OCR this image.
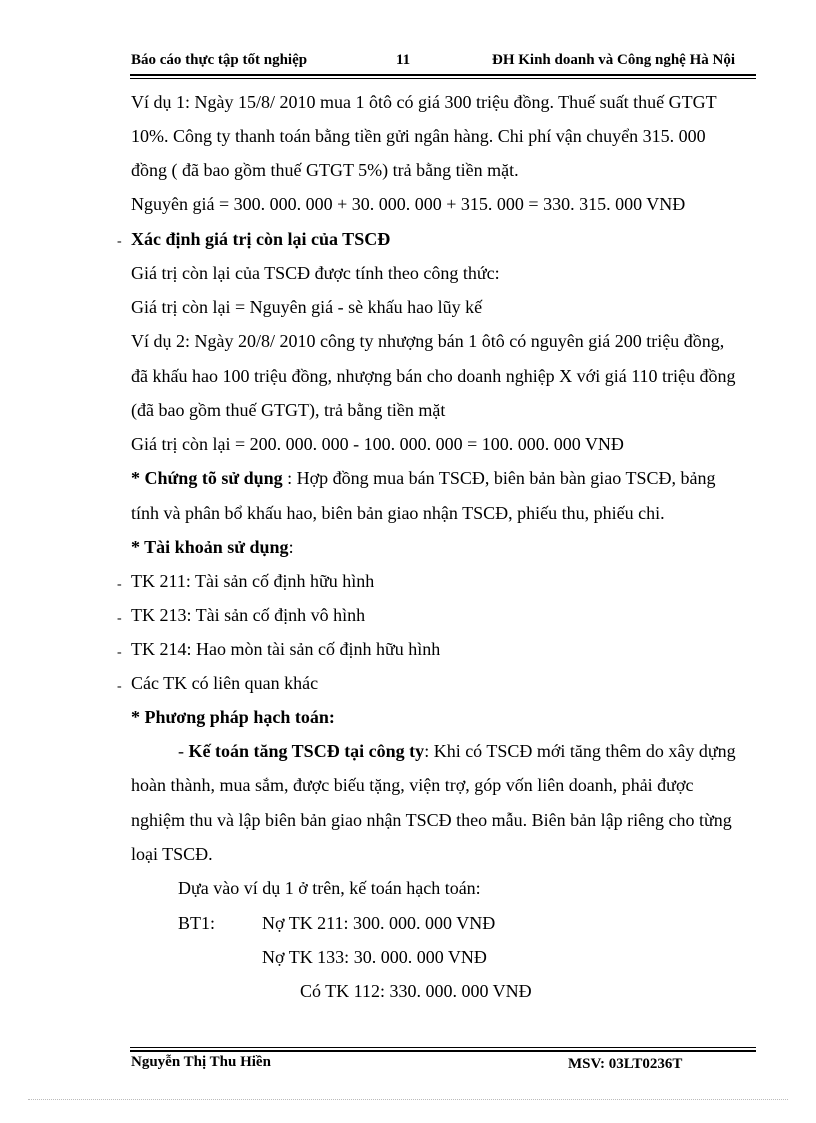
Báo cáo thực tập tốt nghiệp	11	ĐH Kinh doanh và Công nghệ Hà Nội
Ví dụ 1: Ngày 15/8/ 2010 mua 1 ôtô có giá 300 triệu đồng. Thuế suất thuế GTGT
10%. Công ty thanh toán bằng tiền gửi ngân hàng. Chi phí vận chuyển 315. 000
đồng ( đã bao gồm thuế GTGT 5%) trả bằng tiền mặt.
Nguyên giá = 300. 000. 000 + 30. 000. 000 + 315. 000 = 330. 315. 000 VNĐ
- Xác định giá trị còn lại của TSCĐ
Giá trị còn lại của TSCĐ được tính theo công thức:
Giá trị còn lại = Nguyên giá - sè khấu hao lũy kế
Ví dụ 2: Ngày 20/8/ 2010 công ty nhượng bán 1 ôtô có nguyên giá 200 triệu đồng,
đã khấu hao 100 triệu đồng, nhượng bán cho doanh nghiệp X với giá 110 triệu đồng
(đã bao gồm thuế GTGT), trả bằng tiền mặt
Giá trị còn lại = 200. 000. 000 - 100. 000. 000 = 100. 000. 000 VNĐ
* Chứng tõ sử dụng : Hợp đồng mua bán TSCĐ, biên bản bàn giao TSCĐ, bảng
tính và phân bổ khấu hao, biên bản giao nhận TSCĐ, phiếu thu, phiếu chi.
* Tài khoản sử dụng:
- TK 211: Tài sản cố định hữu hình
- TK 213: Tài sản cố định vô hình
- TK 214: Hao mòn tài sản cố định hữu hình
- Các TK có liên quan khác
* Phương pháp hạch toán:
- Kế toán tăng TSCĐ tại công ty: Khi có TSCĐ mới tăng thêm do xây dựng
hoàn thành, mua sắm, được biếu tặng, viện trợ, góp vốn liên doanh, phải được
nghiệm thu và lập biên bản giao nhận TSCĐ theo mẫu. Biên bản lập riêng cho từng
loại TSCĐ.
Dựa vào ví dụ 1 ở trên, kế toán hạch toán:
BT1:	Nợ TK 211: 300. 000. 000 VNĐ
Nợ TK 133: 30. 000. 000 VNĐ
Có TK 112: 330. 000. 000 VNĐ
Nguyễn Thị Thu Hiền	MSV: 03LT0236T
